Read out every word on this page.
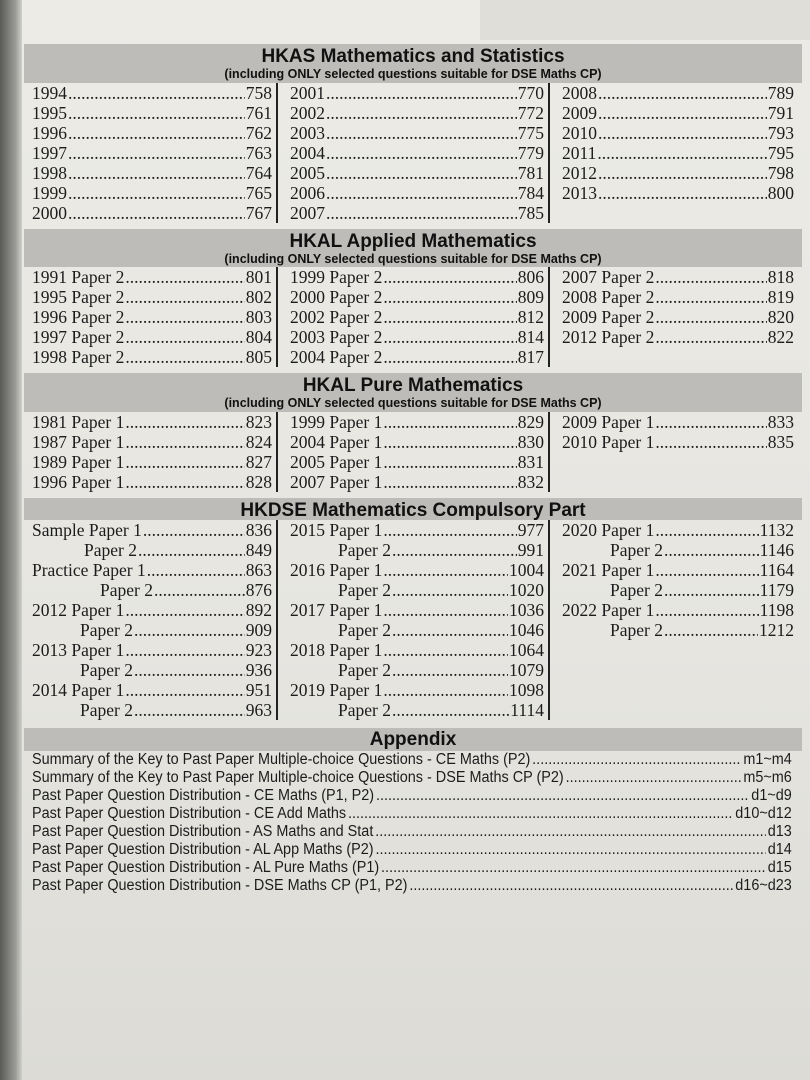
HKAS Mathematics and Statistics
(including ONLY selected questions suitable for DSE Maths CP)
1994 .....	758
1995 .....	761
1996 .....	762
1997 .....	763
1998 .....	764
1999 .....	765
2000 .....	767
2001 .....	770
2002 .....	772
2003 .....	775
2004 .....	779
2005 .....	781
2006 .....	784
2007 .....	785
2008 .....	789
2009 .....	791
2010 .....	793
2011 .....	795
2012 .....	798
2013 .....	800
HKAL Applied Mathematics
(including ONLY selected questions suitable for DSE Maths CP)
1991 Paper 2 .....	801
1995 Paper 2 .....	802
1996 Paper 2 .....	803
1997 Paper 2 .....	804
1998 Paper 2 .....	805
1999 Paper 2 .....	806
2000 Paper 2 .....	809
2002 Paper 2 .....	812
2003 Paper 2 .....	814
2004 Paper 2 .....	817
2007 Paper 2 .....	818
2008 Paper 2 .....	819
2009 Paper 2 .....	820
2012 Paper 2 .....	822
HKAL Pure Mathematics
(including ONLY selected questions suitable for DSE Maths CP)
1981 Paper 1 .....	823
1987 Paper 1 .....	824
1989 Paper 1 .....	827
1996 Paper 1 .....	828
1999 Paper 1 .....	829
2004 Paper 1 .....	830
2005 Paper 1 .....	831
2007 Paper 1 .....	832
2009 Paper 1 .....	833
2010 Paper 1 .....	835
HKDSE Mathematics Compulsory Part
Sample Paper 1 .....	836
Paper 2 .....	849
Practice Paper 1 .....	863
Paper 2 .....	876
2012 Paper 1 .....	892
Paper 2 .....	909
2013 Paper 1 .....	923
Paper 2 .....	936
2014 Paper 1 .....	951
Paper 2 .....	963
2015 Paper 1 .....	977
Paper 2 .....	991
2016 Paper 1 .....	1004
Paper 2 .....	1020
2017 Paper 1 .....	1036
Paper 2 .....	1046
2018 Paper 1 .....	1064
Paper 2 .....	1079
2019 Paper 1 .....	1098
Paper 2 .....	1114
2020 Paper 1 .....	1132
Paper 2 .....	1146
2021 Paper 1 .....	1164
Paper 2 .....	1179
2022 Paper 1 .....	1198
Paper 2 .....	1212
Appendix
Summary of the Key to Past Paper Multiple-choice Questions - CE Maths (P2) .....	m1~m4
Summary of the Key to Past Paper Multiple-choice Questions - DSE Maths CP (P2) .....	m5~m6
Past Paper Question Distribution - CE Maths (P1, P2) .....	d1~d9
Past Paper Question Distribution - CE Add Maths .....	d10~d12
Past Paper Question Distribution - AS Maths and Stat .....	d13
Past Paper Question Distribution - AL App Maths (P2) .....	d14
Past Paper Question Distribution - AL Pure Maths (P1) .....	d15
Past Paper Question Distribution - DSE Maths CP (P1, P2) .....	d16~d23
